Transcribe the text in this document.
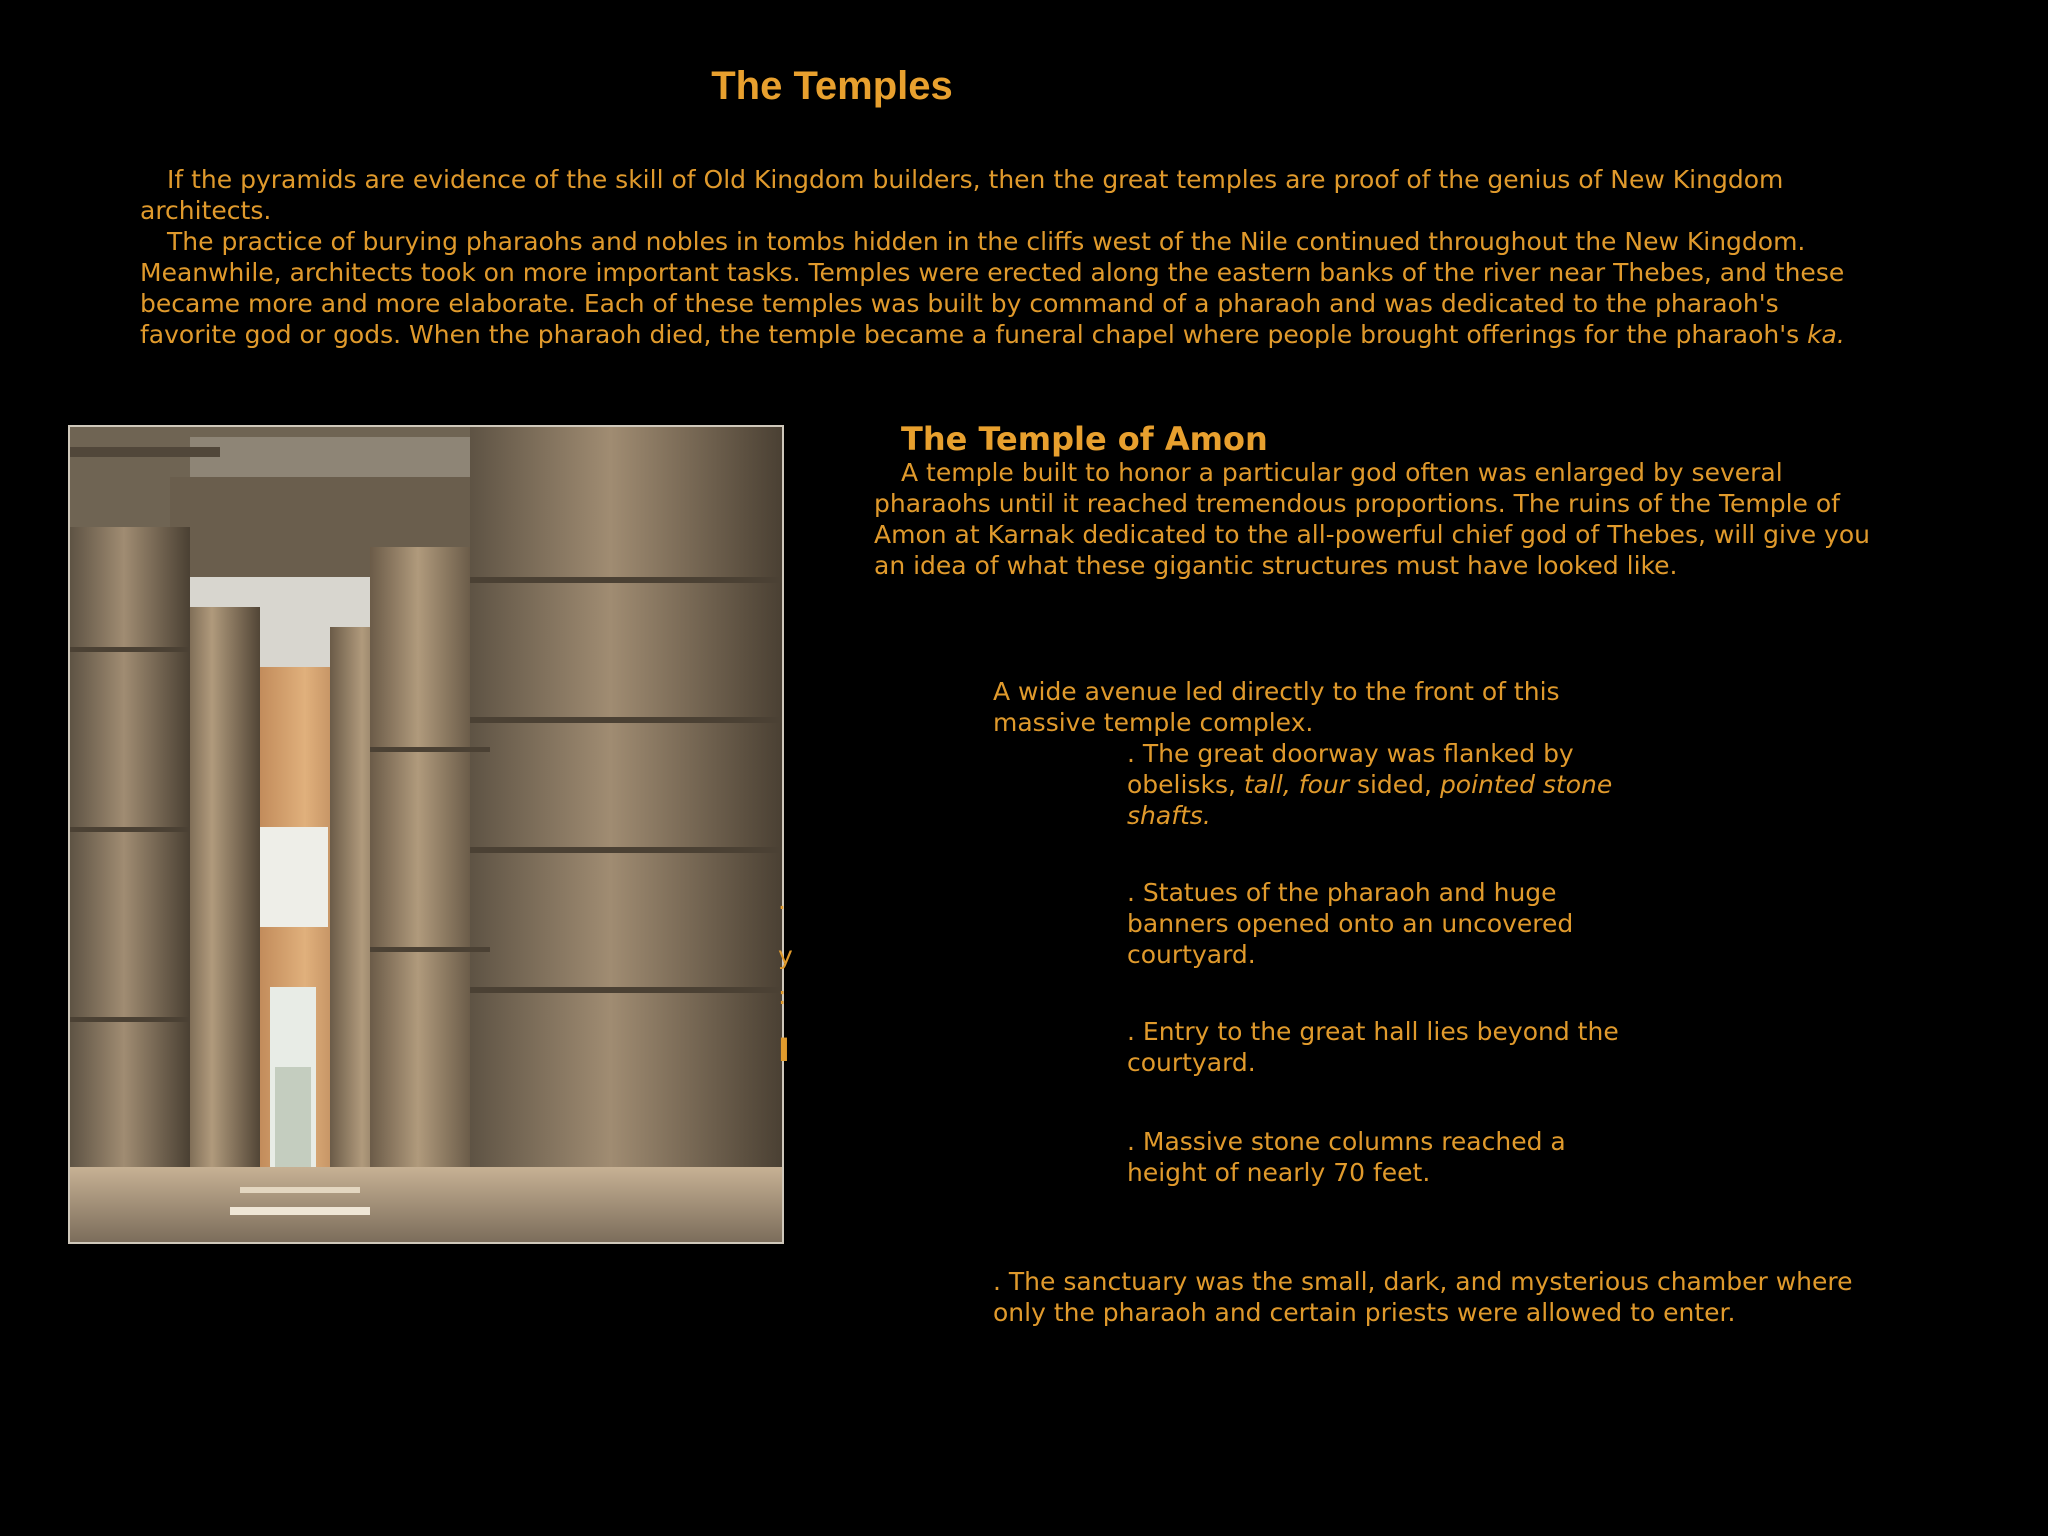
The Temples

If the pyramids are evidence of the skill of Old Kingdom builders, then the great temples are proof of the genius of New Kingdom architects.

The practice of burying pharaohs and nobles in tombs hidden in the cliffs west of the Nile continued throughout the New Kingdom. Meanwhile, architects took on more important tasks. Temples were erected along the eastern banks of the river near Thebes, and these became more and more elaborate. Each of these temples was built by command of a pharaoh and was dedicated to the pharaoh's favorite god or gods. When the pharaoh died, the temple became a funeral chapel where people brought offerings for the pharaoh's ka.

.
y
:
I
The Temple of Amon

A temple built to honor a particular god often was enlarged by several pharaohs until it reached tremendous proportions. The ruins of the Temple of Amon at Karnak dedicated to the all-powerful chief god of Thebes, will give you an idea of what these gigantic structures must have looked like.

A wide avenue led directly to the front of this massive temple complex.

. The great doorway was flanked by obelisks, tall, four sided, pointed stone shafts.

. Statues of the pharaoh and huge banners opened onto an uncovered courtyard.

. Entry to the great hall lies beyond the courtyard.

. Massive stone columns reached a height of nearly 70 feet.

. The sanctuary was the small, dark, and mysterious chamber where only the pharaoh and certain priests were allowed to enter.
